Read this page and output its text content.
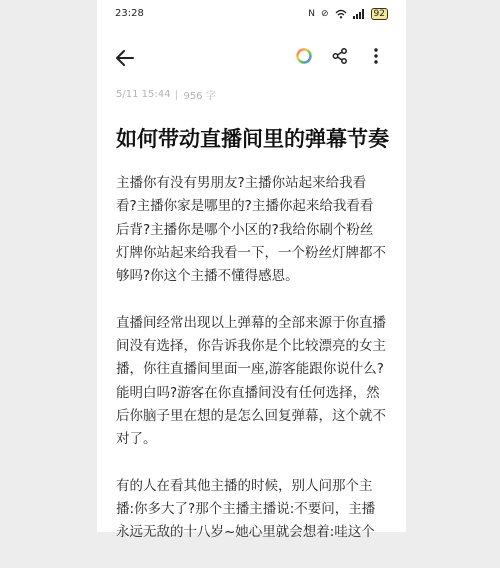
23:28	N ⊘	92
5/11 15:44 956 字
如何带动直播间里的弹幕节奏

主播你有没有男朋友?主播你站起来给我看看?主播你家是哪里的?主播你起来给我看看后背?主播你是哪个小区的?我给你刷个粉丝灯牌你站起来给我看一下，一个粉丝灯牌都不够吗?你这个主播不懂得感恩。

直播间经常出现以上弹幕的全部来源于你直播间没有选择，你告诉我你是个比较漂亮的女主播，你往直播间里面一座,游客能跟你说什么?能明白吗?游客在你直播间没有任何选择，然后你脑子里在想的是怎么回复弹幕，这个就不对了。

有的人在看其他主播的时候，别人问那个主播:你多大了?那个主播主播说:不要问，主播永远无敌的十八岁~她心里就会想着:哇这个
